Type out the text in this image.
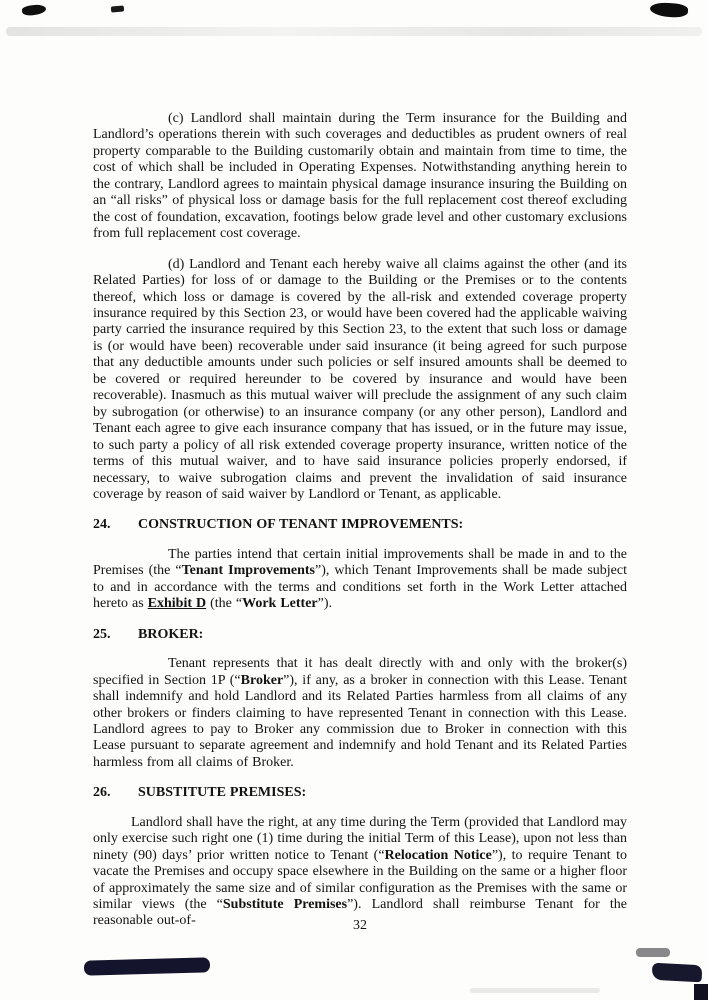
(c) Landlord shall maintain during the Term insurance for the Building and Landlord’s operations therein with such coverages and deductibles as prudent owners of real property comparable to the Building customarily obtain and maintain from time to time, the cost of which shall be included in Operating Expenses. Notwithstanding anything herein to the contrary, Landlord agrees to maintain physical damage insurance insuring the Building on an “all risks” of physical loss or damage basis for the full replacement cost thereof excluding the cost of foundation, excavation, footings below grade level and other customary exclusions from full replacement cost coverage.

(d) Landlord and Tenant each hereby waive all claims against the other (and its Related Parties) for loss of or damage to the Building or the Premises or to the contents thereof, which loss or damage is covered by the all-risk and extended coverage property insurance required by this Section 23, or would have been covered had the applicable waiving party carried the insurance required by this Section 23, to the extent that such loss or damage is (or would have been) recoverable under said insurance (it being agreed for such purpose that any deductible amounts under such policies or self insured amounts shall be deemed to be covered or required hereunder to be covered by insurance and would have been recoverable). Inasmuch as this mutual waiver will preclude the assignment of any such claim by subrogation (or otherwise) to an insurance company (or any other person), Landlord and Tenant each agree to give each insurance company that has issued, or in the future may issue, to such party a policy of all risk extended coverage property insurance, written notice of the terms of this mutual waiver, and to have said insurance policies properly endorsed, if necessary, to waive subrogation claims and prevent the invalidation of said insurance coverage by reason of said waiver by Landlord or Tenant, as applicable.

24.	CONSTRUCTION OF TENANT IMPROVEMENTS:

The parties intend that certain initial improvements shall be made in and to the Premises (the “Tenant Improvements”), which Tenant Improvements shall be made subject to and in accordance with the terms and conditions set forth in the Work Letter attached hereto as Exhibit D (the “Work Letter”).

25.	BROKER:

Tenant represents that it has dealt directly with and only with the broker(s) specified in Section 1P (“Broker”), if any, as a broker in connection with this Lease. Tenant shall indemnify and hold Landlord and its Related Parties harmless from all claims of any other brokers or finders claiming to have represented Tenant in connection with this Lease. Landlord agrees to pay to Broker any commission due to Broker in connection with this Lease pursuant to separate agreement and indemnify and hold Tenant and its Related Parties harmless from all claims of Broker.

26.	SUBSTITUTE PREMISES:

Landlord shall have the right, at any time during the Term (provided that Landlord may only exercise such right one (1) time during the initial Term of this Lease), upon not less than ninety (90) days’ prior written notice to Tenant (“Relocation Notice”), to require Tenant to vacate the Premises and occupy space elsewhere in the Building on the same or a higher floor of approximately the same size and of similar configuration as the Premises with the same or similar views (the “Substitute Premises”). Landlord shall reimburse Tenant for the reasonable out-of-	32
